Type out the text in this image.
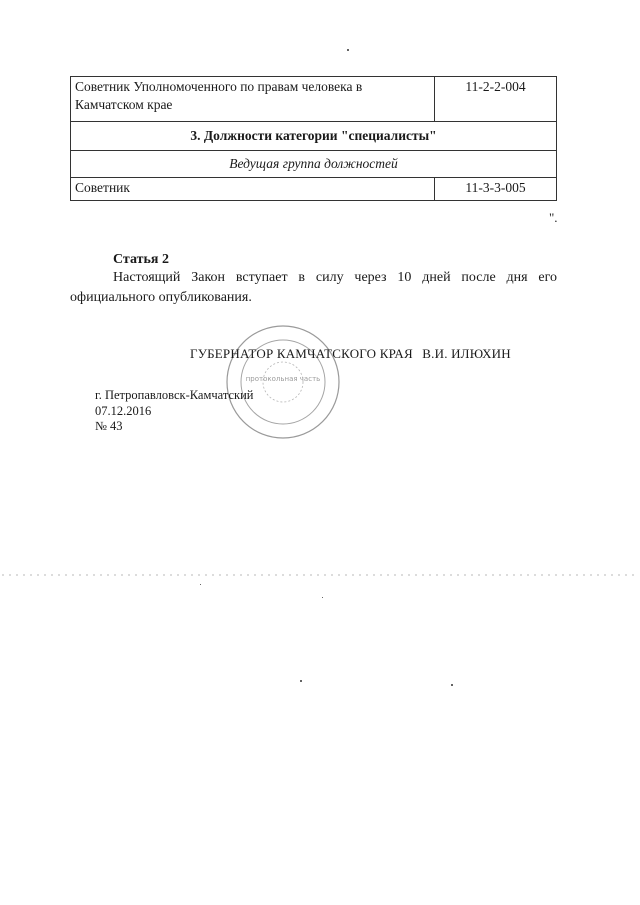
Советник Уполномоченного по правам человека в Камчатском крае	11-2-2-004
3. Должности категории "специалисты"	
Ведущая группа должностей	
Советник	11-3-3-005
".
Статья 2

Настоящий Закон вступает в силу через 10 дней после дня его официального опубликования.

протокольная часть
ГУБЕРНАТОР КАМЧАТСКОГО КРАЯ В.И. ИЛЮХИН
г. Петропавловск-Камчатский
07.12.2016
№ 43
